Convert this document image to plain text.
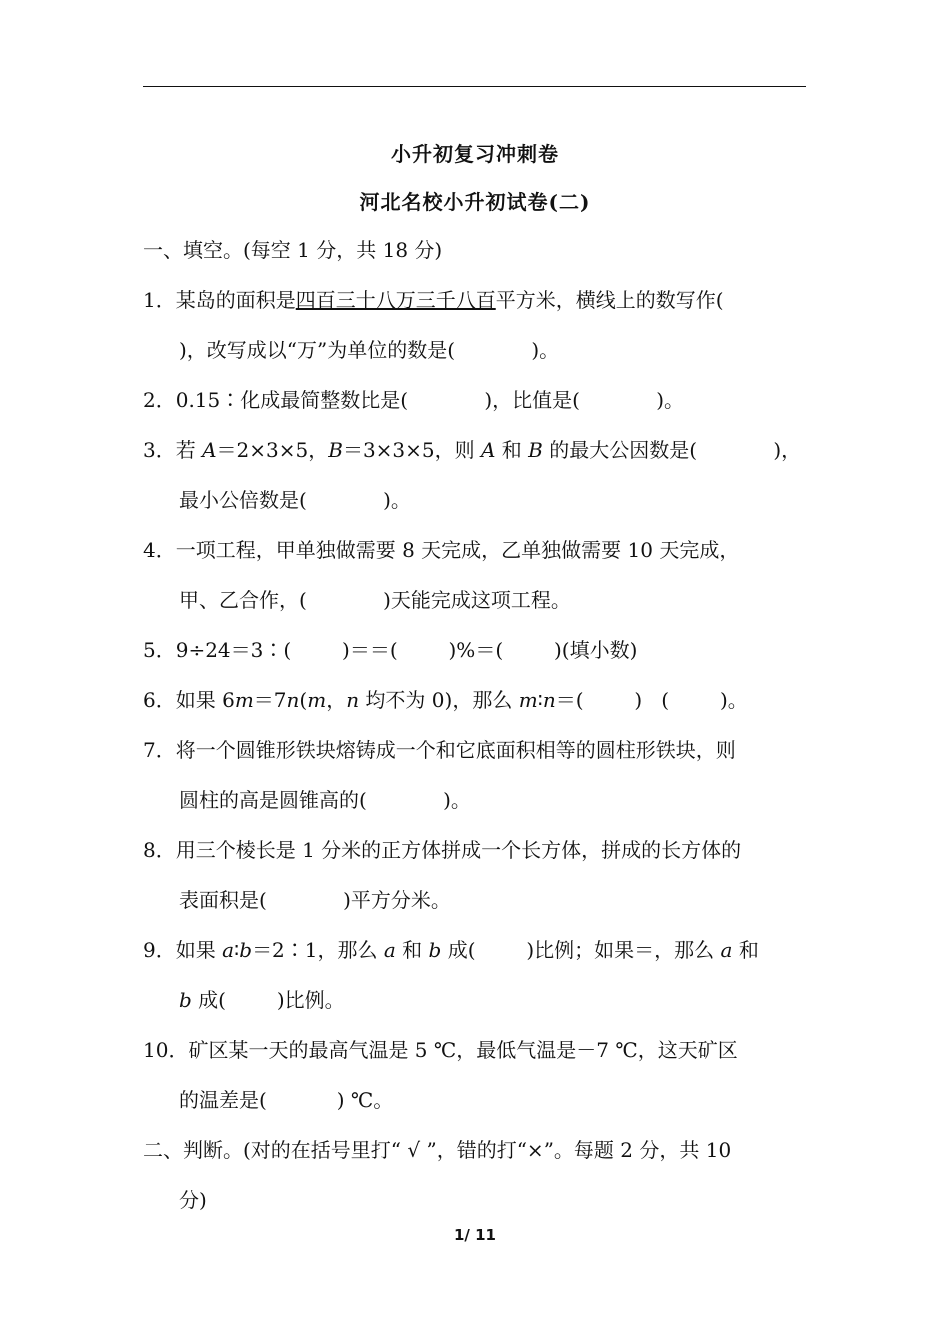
小升初复习冲刺卷
河北名校小升初试卷(二)
一、填空。(每空 1 分，共 18 分)
1．某岛的面积是四百三十八万三千八百平方米，横线上的数写作(
)，改写成以“万”为单位的数是(            )。
2．0.15∶化成最简整数比是(            )，比值是(            )。
3．若 A＝2×3×5，B＝3×3×5，则 A 和 B 的最大公因数是(            )，
最小公倍数是(            )。
4．一项工程，甲单独做需要 8 天完成，乙单独做需要 10 天完成，
甲、乙合作，(            )天能完成这项工程。
5．9÷24＝3∶(        )＝＝(        )%＝(        )(填小数)
6．如果 6m＝7n(m，n 均不为 0)，那么 m∶n＝(        )   (        )。
7．将一个圆锥形铁块熔铸成一个和它底面积相等的圆柱形铁块，则
圆柱的高是圆锥高的(            )。
8．用三个棱长是 1 分米的正方体拼成一个长方体，拼成的长方体的
表面积是(            )平方分米。
9．如果 a∶b＝2∶1，那么 a 和 b 成(        )比例；如果＝，那么 a 和
b 成(        )比例。
10．矿区某一天的最高气温是 5 ℃，最低气温是－7 ℃，这天矿区
的温差是(           ) ℃。
二、判断。(对的在括号里打“ √ ”，错的打“×”。每题 2 分，共 10
分)
1/ 11
